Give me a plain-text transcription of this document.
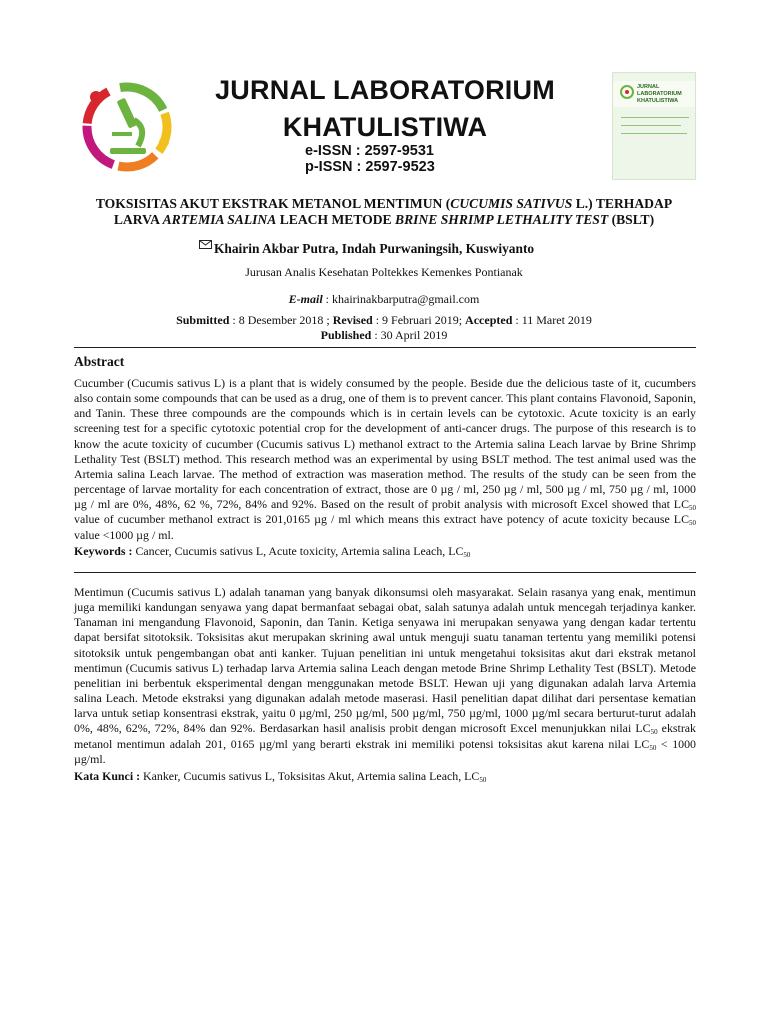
JURNAL LABORATORIUM
KHATULISTIWA
e-ISSN : 2597-9531
p-ISSN : 2597-9523
JURNAL LABORATORIUM
KHATULISTIWA
TOKSISITAS AKUT EKSTRAK METANOL MENTIMUN (CUCUMIS SATIVUS L.) TERHADAP LARVA ARTEMIA SALINA LEACH METODE BRINE SHRIMP LETHALITY TEST (BSLT)
Khairin Akbar Putra, Indah Purwaningsih, Kuswiyanto
Jurusan Analis Kesehatan Poltekkes Kemenkes Pontianak
E-mail : khairinakbarputra@gmail.com
Submitted : 8 Desember 2018 ; Revised : 9 Februari 2019; Accepted : 11 Maret 2019
Published : 30 April 2019
Abstract
Cucumber (Cucumis sativus L) is a plant that is widely consumed by the people. Beside due the delicious taste of it, cucumbers also contain some compounds that can be used as a drug, one of them is to prevent cancer. This plant contains Flavonoid, Saponin, and Tanin. These three compounds are the compounds which is in certain levels can be cytotoxic. Acute toxicity is an early screening test for a specific cytotoxic potential crop for the development of anti-cancer drugs. The purpose of this research is to know the acute toxicity of cucumber (Cucumis sativus L) methanol extract to the Artemia salina Leach larvae by Brine Shrimp Lethality Test (BSLT) method. This research method was an experimental by using BSLT method. The test animal used was the Artemia salina Leach larvae. The method of extraction was maseration method. The results of the study can be seen from the percentage of larvae mortality for each concentration of extract, those are 0 µg / ml, 250 µg / ml, 500 µg / ml, 750 µg / ml, 1000 µg / ml are 0%, 48%, 62 %, 72%, 84% and 92%. Based on the result of probit analysis with microsoft Excel showed that $LC_{50}$ value of cucumber methanol extract is 201,0165 µg / ml which means this extract have potency of acute toxicity because $LC_{50}$ value <1000 µg / ml.
Keywords : Cancer, Cucumis sativus L, Acute toxicity, Artemia salina Leach, $LC_{50}$
Mentimun (Cucumis sativus L) adalah tanaman yang banyak dikonsumsi oleh masyarakat. Selain rasanya yang enak, mentimun juga memiliki kandungan senyawa yang dapat bermanfaat sebagai obat, salah satunya adalah untuk mencegah terjadinya kanker. Tanaman ini mengandung Flavonoid, Saponin, dan Tanin. Ketiga senyawa ini merupakan senyawa yang dengan kadar tertentu dapat bersifat sitotoksik. Toksisitas akut merupakan skrining awal untuk menguji suatu tanaman tertentu yang memiliki potensi sitotoksik untuk pengembangan obat anti kanker. Tujuan penelitian ini untuk mengetahui toksisitas akut dari ekstrak metanol mentimun (Cucumis sativus L) terhadap larva Artemia salina Leach dengan metode Brine Shrimp Lethality Test (BSLT). Metode penelitian ini berbentuk eksperimental dengan menggunakan metode BSLT. Hewan uji yang digunakan adalah larva Artemia salina Leach. Metode ekstraksi yang digunakan adalah metode maserasi. Hasil penelitian dapat dilihat dari persentase kematian larva untuk setiap konsentrasi ekstrak, yaitu 0 µg/ml, 250 µg/ml, 500 µg/ml, 750 µg/ml, 1000 µg/ml secara berturut-turut adalah 0%, 48%, 62%, 72%, 84% dan 92%. Berdasarkan hasil analisis probit dengan microsoft Excel menunjukkan nilai $LC_{50}$ ekstrak metanol mentimun adalah 201, 0165 µg/ml yang berarti ekstrak ini memiliki potensi toksisitas akut karena nilai $LC_{50} < 1000$ µg/ml.
Kata Kunci : Kanker, Cucumis sativus L, Toksisitas Akut, Artemia salina Leach, $LC_{50}$
